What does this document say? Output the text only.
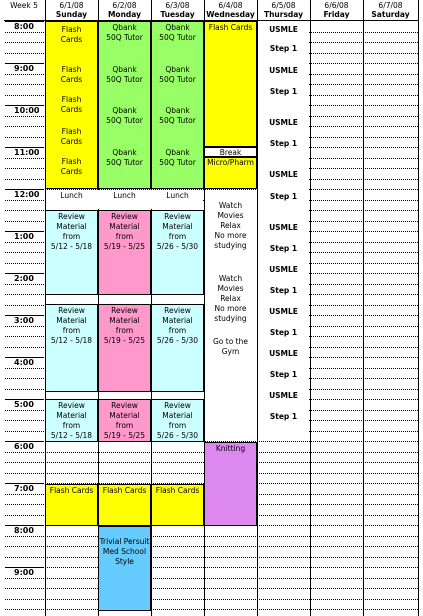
Week 5	6/1/08
Sunday
6/2/08
Monday
6/3/08
Tuesday
6/4/08
Wednesday
6/5/08
Thursday
6/6/08
Friday
6/7/08
Saturday
8:00
9:00
10:00
11:00
12:00
1:00
2:00
3:00
4:00
5:00
6:00
7:00
8:00
9:00
Flash Cards
Flash Cards
Flash Cards
Flash Cards
Flash Cards
Lunch
Review
Material
from
5/12 - 5/18
Review
Material
from
5/12 - 5/18
Review
Material
from
5/12 - 5/18
Flash Cards
Qbank
50Q Tutor
Qbank
50Q Tutor
Qbank
50Q Tutor
Qbank
50Q Tutor
Lunch
Review
Material
from
5/19 - 5/25
Review
Material
from
5/19 - 5/25
Review
Material
from
5/19 - 5/25
Flash Cards
Trivial Persuit
Med School
Style
Qbank
50Q Tutor
Qbank
50Q Tutor
Qbank
50Q Tutor
Qbank
50Q Tutor
Lunch
Review
Material
from
5/26 - 5/30
Review
Material
from
5/26 - 5/30
Review
Material
from
5/26 - 5/30
Flash Cards
Flash Cards
Break
Micro/Pharm
Watch
Movies
Relax
No more
studying
Watch
Movies
Relax
No more
studying
Go to the
Gym
Knitting
USMLE
Step 1
USMLE
Step 1
USMLE
Step 1
USMLE
Step 1
USMLE
Step 1
USMLE
Step 1
USMLE
Step 1
USMLE
Step 1
USMLE
Step 1
